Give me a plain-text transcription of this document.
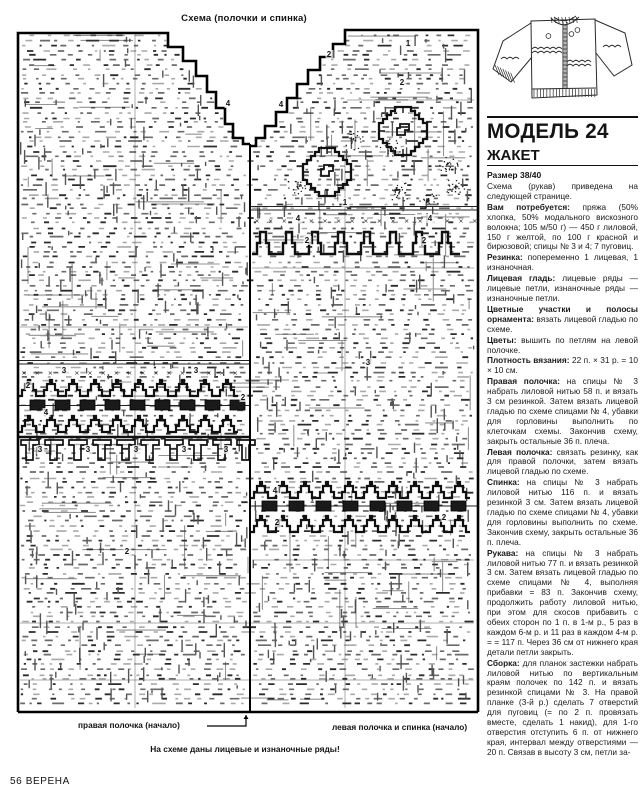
Схема (полочки и спинка)
× × ×	× × × × × × × × ×	× × ×
× × ×	× × × × × × × × ×	× × ×
4
2
1
2
4
1
4	4
2	2
3
4
2
2
3	3
2
2
4
3	3	3	3	3
2
правая полочка (начало)	левая полочка и спинка (начало)
На схеме даны лицевые и изнаночные ряды!
56 ВЕРЕНА
МОДЕЛЬ 24
ЖАКЕТ
Размер 38/40

Схема (рукав) приведена на следующей странице.

Вам потребуется: пряжа (50% хлопка, 50% модального вискозного волокна; 105 м/50 г) — 450 г лиловой, 150 г желтой, по 100 г красной и бирюзовой; спицы № 3 и 4; 7 пуговиц.

Резинка: попеременно 1 лицевая, 1 изнаночная.

Лицевая гладь: лицевые ряды — лицевые петли, изнаночные ряды — изнаночные петли.

Цветные участки и полосы орнамента: вязать лицевой гладью по схеме.

Цветы: вышить по петлям на левой полочке.

Плотность вязания: 22 п. × 31 р. = 10 × 10 см.

Правая полочка: на спицы № 3 набрать лиловой нитью 58 п. и вязать 3 см резинкой. Затем вязать лицевой гладью по схеме спицами № 4, убавки для горловины выполнить по клеточкам схемы. Закончив схему, закрыть остальные 36 п. плеча.

Левая полочка: связать резинку, как для правой полочки, затем вязать лицевой гладью по схеме.

Спинка: на спицы № 3 набрать лиловой нитью 116 п. и вязать резинкой 3 см. Затем вязать лицевой гладью по схеме спицами № 4, убавки для горловины выполнить по схеме. Закончив схему, закрыть остальные 36 п. плеча.

Рукава: на спицы № 3 набрать лиловой нитью 77 п. и вязать резинкой 3 см. Затем вязать лицевой гладью по схеме спицами № 4, выполняя прибавки = 83 п. Закончив схему, продолжить работу лиловой нитью, при этом для скосов прибавить с обеих сторон по 1 п. в 1-м р., 5 раз в каждом 6-м р. и 11 раз в каждом 4-м р. = = 117 п. Через 36 см от нижнего края детали петли закрыть.

Сборка: для планок застежки набрать лиловой нитью по вертикальным краям полочек по 142 п. и вязать резинкой спицами № 3. На правой планке (3-й р.) сделать 7 отверстий для пуговиц (= по 2 п. провязать вместе, сделать 1 накид), для 1-го отверстия отступить 6 п. от нижнего края, интервал между отверстиями — 20 п. Связав в высоту 3 см, петли за-
